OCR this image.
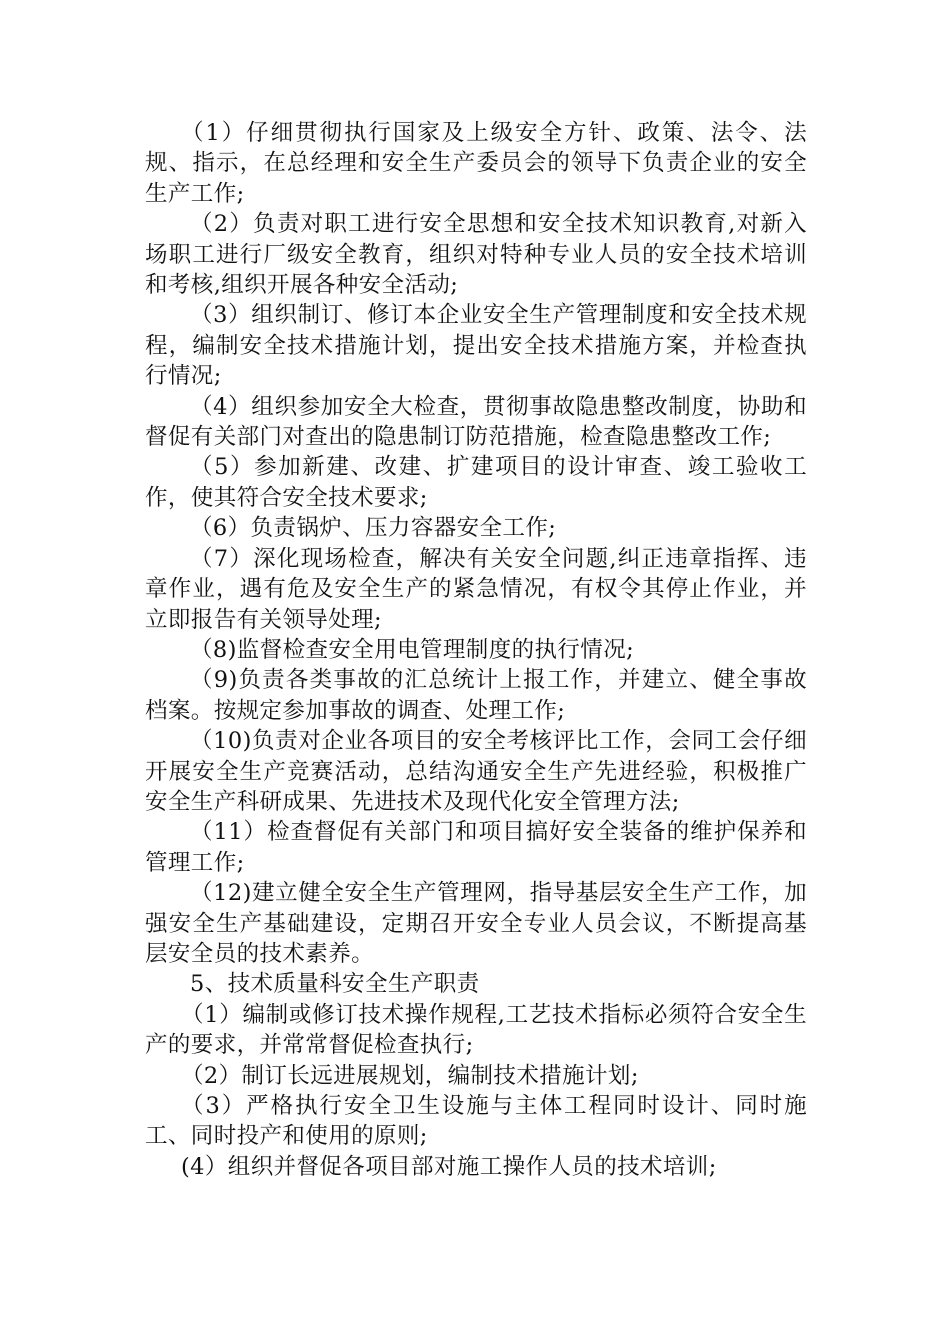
（1）仔细贯彻执行国家及上级安全方针、政策、法令、法规、指示，在总经理和安全生产委员会的领导下负责企业的安全生产工作;

（2）负责对职工进行安全思想和安全技术知识教育,对新入场职工进行厂级安全教育，组织对特种专业人员的安全技术培训和考核,组织开展各种安全活动;

（3）组织制订、修订本企业安全生产管理制度和安全技术规程，编制安全技术措施计划，提出安全技术措施方案，并检查执行情况;

（4）组织参加安全大检查，贯彻事故隐患整改制度，协助和督促有关部门对查出的隐患制订防范措施，检查隐患整改工作;

（5）参加新建、改建、扩建项目的设计审查、竣工验收工作，使其符合安全技术要求;

（6）负责锅炉、压力容器安全工作;

（7）深化现场检查，解决有关安全问题,纠正违章指挥、违章作业，遇有危及安全生产的紧急情况，有权令其停止作业，并立即报告有关领导处理;

（8)监督检查安全用电管理制度的执行情况;

（9)负责各类事故的汇总统计上报工作，并建立、健全事故档案。按规定参加事故的调查、处理工作;

（10)负责对企业各项目的安全考核评比工作，会同工会仔细开展安全生产竞赛活动，总结沟通安全生产先进经验，积极推广安全生产科研成果、先进技术及现代化安全管理方法;

（11）检查督促有关部门和项目搞好安全装备的维护保养和管理工作;

（12)建立健全安全生产管理网，指导基层安全生产工作，加强安全生产基础建设，定期召开安全专业人员会议，不断提高基层安全员的技术素养。

5、技术质量科安全生产职责

（1）编制或修订技术操作规程,工艺技术指标必须符合安全生产的要求，并常常督促检查执行;

（2）制订长远进展规划，编制技术措施计划;

（3）严格执行安全卫生设施与主体工程同时设计、同时施工、同时投产和使用的原则;

(4）组织并督促各项目部对施工操作人员的技术培训;
